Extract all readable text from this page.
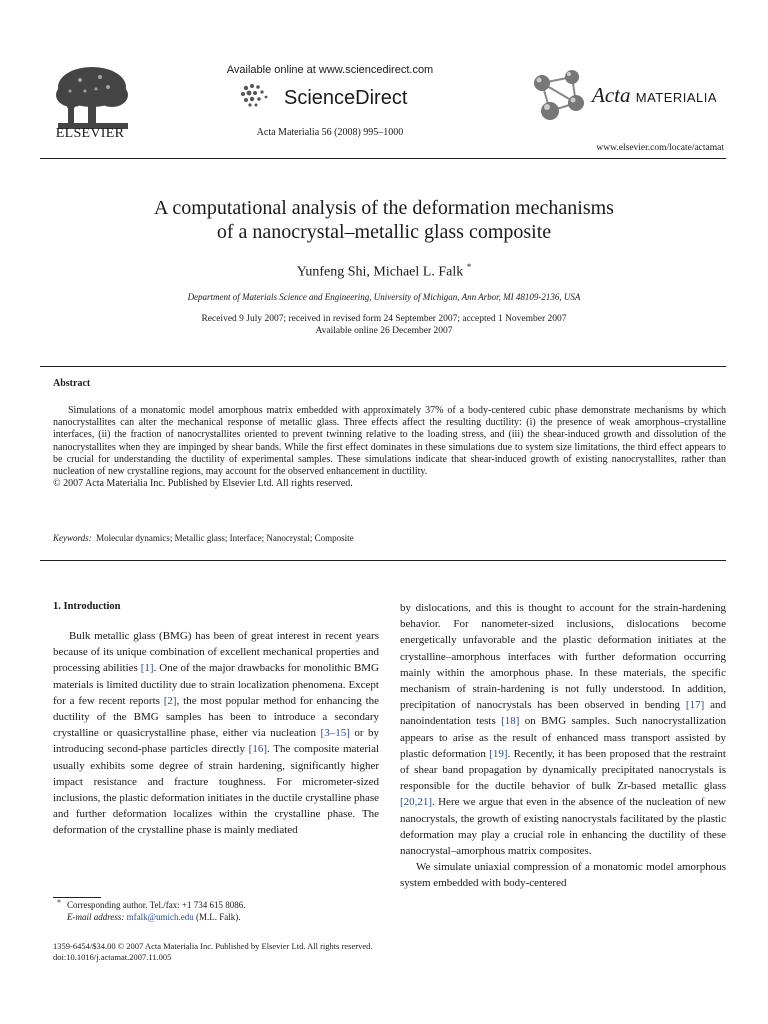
ELSEVIER
Available online at www.sciencedirect.com
ScienceDirect
Acta Materialia 56 (2008) 995–1000
Acta MATERIALIA
www.elsevier.com/locate/actamat
A computational analysis of the deformation mechanisms
of a nanocrystal–metallic glass composite
Yunfeng Shi, Michael L. Falk *
Department of Materials Science and Engineering, University of Michigan, Ann Arbor, MI 48109-2136, USA
Received 9 July 2007; received in revised form 24 September 2007; accepted 1 November 2007
Available online 26 December 2007
Abstract

Simulations of a monatomic model amorphous matrix embedded with approximately 37% of a body-centered cubic phase demonstrate mechanisms by which nanocrystallites can alter the mechanical response of metallic glass. Three effects affect the resulting ductility: (i) the presence of weak amorphous–crystalline interfaces, (ii) the fraction of nanocrystallites oriented to prevent twinning relative to the loading stress, and (iii) the shear-induced growth and dissolution of the nanocrystallites when they are impinged by shear bands. While the first effect dominates in these simulations due to system size limitations, the third effect appears to be crucial for understanding the ductility of experimental samples. These simulations indicate that shear-induced growth of existing nanocrystallites, rather than nucleation of new crystalline regions, may account for the observed enhancement in ductility.

© 2007 Acta Materialia Inc. Published by Elsevier Ltd. All rights reserved.
Keywords: Molecular dynamics; Metallic glass; Interface; Nanocrystal; Composite
1. Introduction

Bulk metallic glass (BMG) has been of great interest in recent years because of its unique combination of excellent mechanical properties and processing abilities [1]. One of the major drawbacks for monolithic BMG materials is limited ductility due to strain localization phenomena. Except for a few recent reports [2], the most popular method for enhancing the ductility of the BMG samples has been to introduce a secondary crystalline or quasicrystalline phase, either via nucleation [3–15] or by introducing second-phase particles directly [16]. The composite material usually exhibits some degree of strain hardening, significantly higher impact resistance and fracture toughness. For micrometer-sized inclusions, the plastic deformation initiates in the ductile crystalline phase and further deformation localizes within the crystalline phase. The deformation of the crystalline phase is mainly mediated

by dislocations, and this is thought to account for the strain-hardening behavior. For nanometer-sized inclusions, dislocations become energetically unfavorable and the plastic deformation initiates at the crystalline–amorphous interfaces with further deformation occurring mainly within the amorphous phase. In these materials, the specific mechanism of strain-hardening is not fully understood. In addition, precipitation of nanocrystals has been observed in bending [17] and nanoindentation tests [18] on BMG samples. Such nanocrystallization appears to arise as the result of enhanced mass transport assisted by plastic deformation [19]. Recently, it has been proposed that the restraint of shear band propagation by dynamically precipitated nanocrystals is responsible for the ductile behavior of bulk Zr-based metallic glass [20,21]. Here we argue that even in the absence of the nucleation of new nanocrystals, the growth of existing nanocrystals facilitated by the plastic deformation may play a crucial role in enhancing the ductility of these nanocrystal–amorphous matrix composites.

We simulate uniaxial compression of a monatomic model amorphous system embedded with body-centered

* Corresponding author. Tel./fax: +1 734 615 8086.
E-mail address: mfalk@umich.edu (M.L. Falk).
1359-6454/$34.00 © 2007 Acta Materialia Inc. Published by Elsevier Ltd. All rights reserved.
doi:10.1016/j.actamat.2007.11.005
